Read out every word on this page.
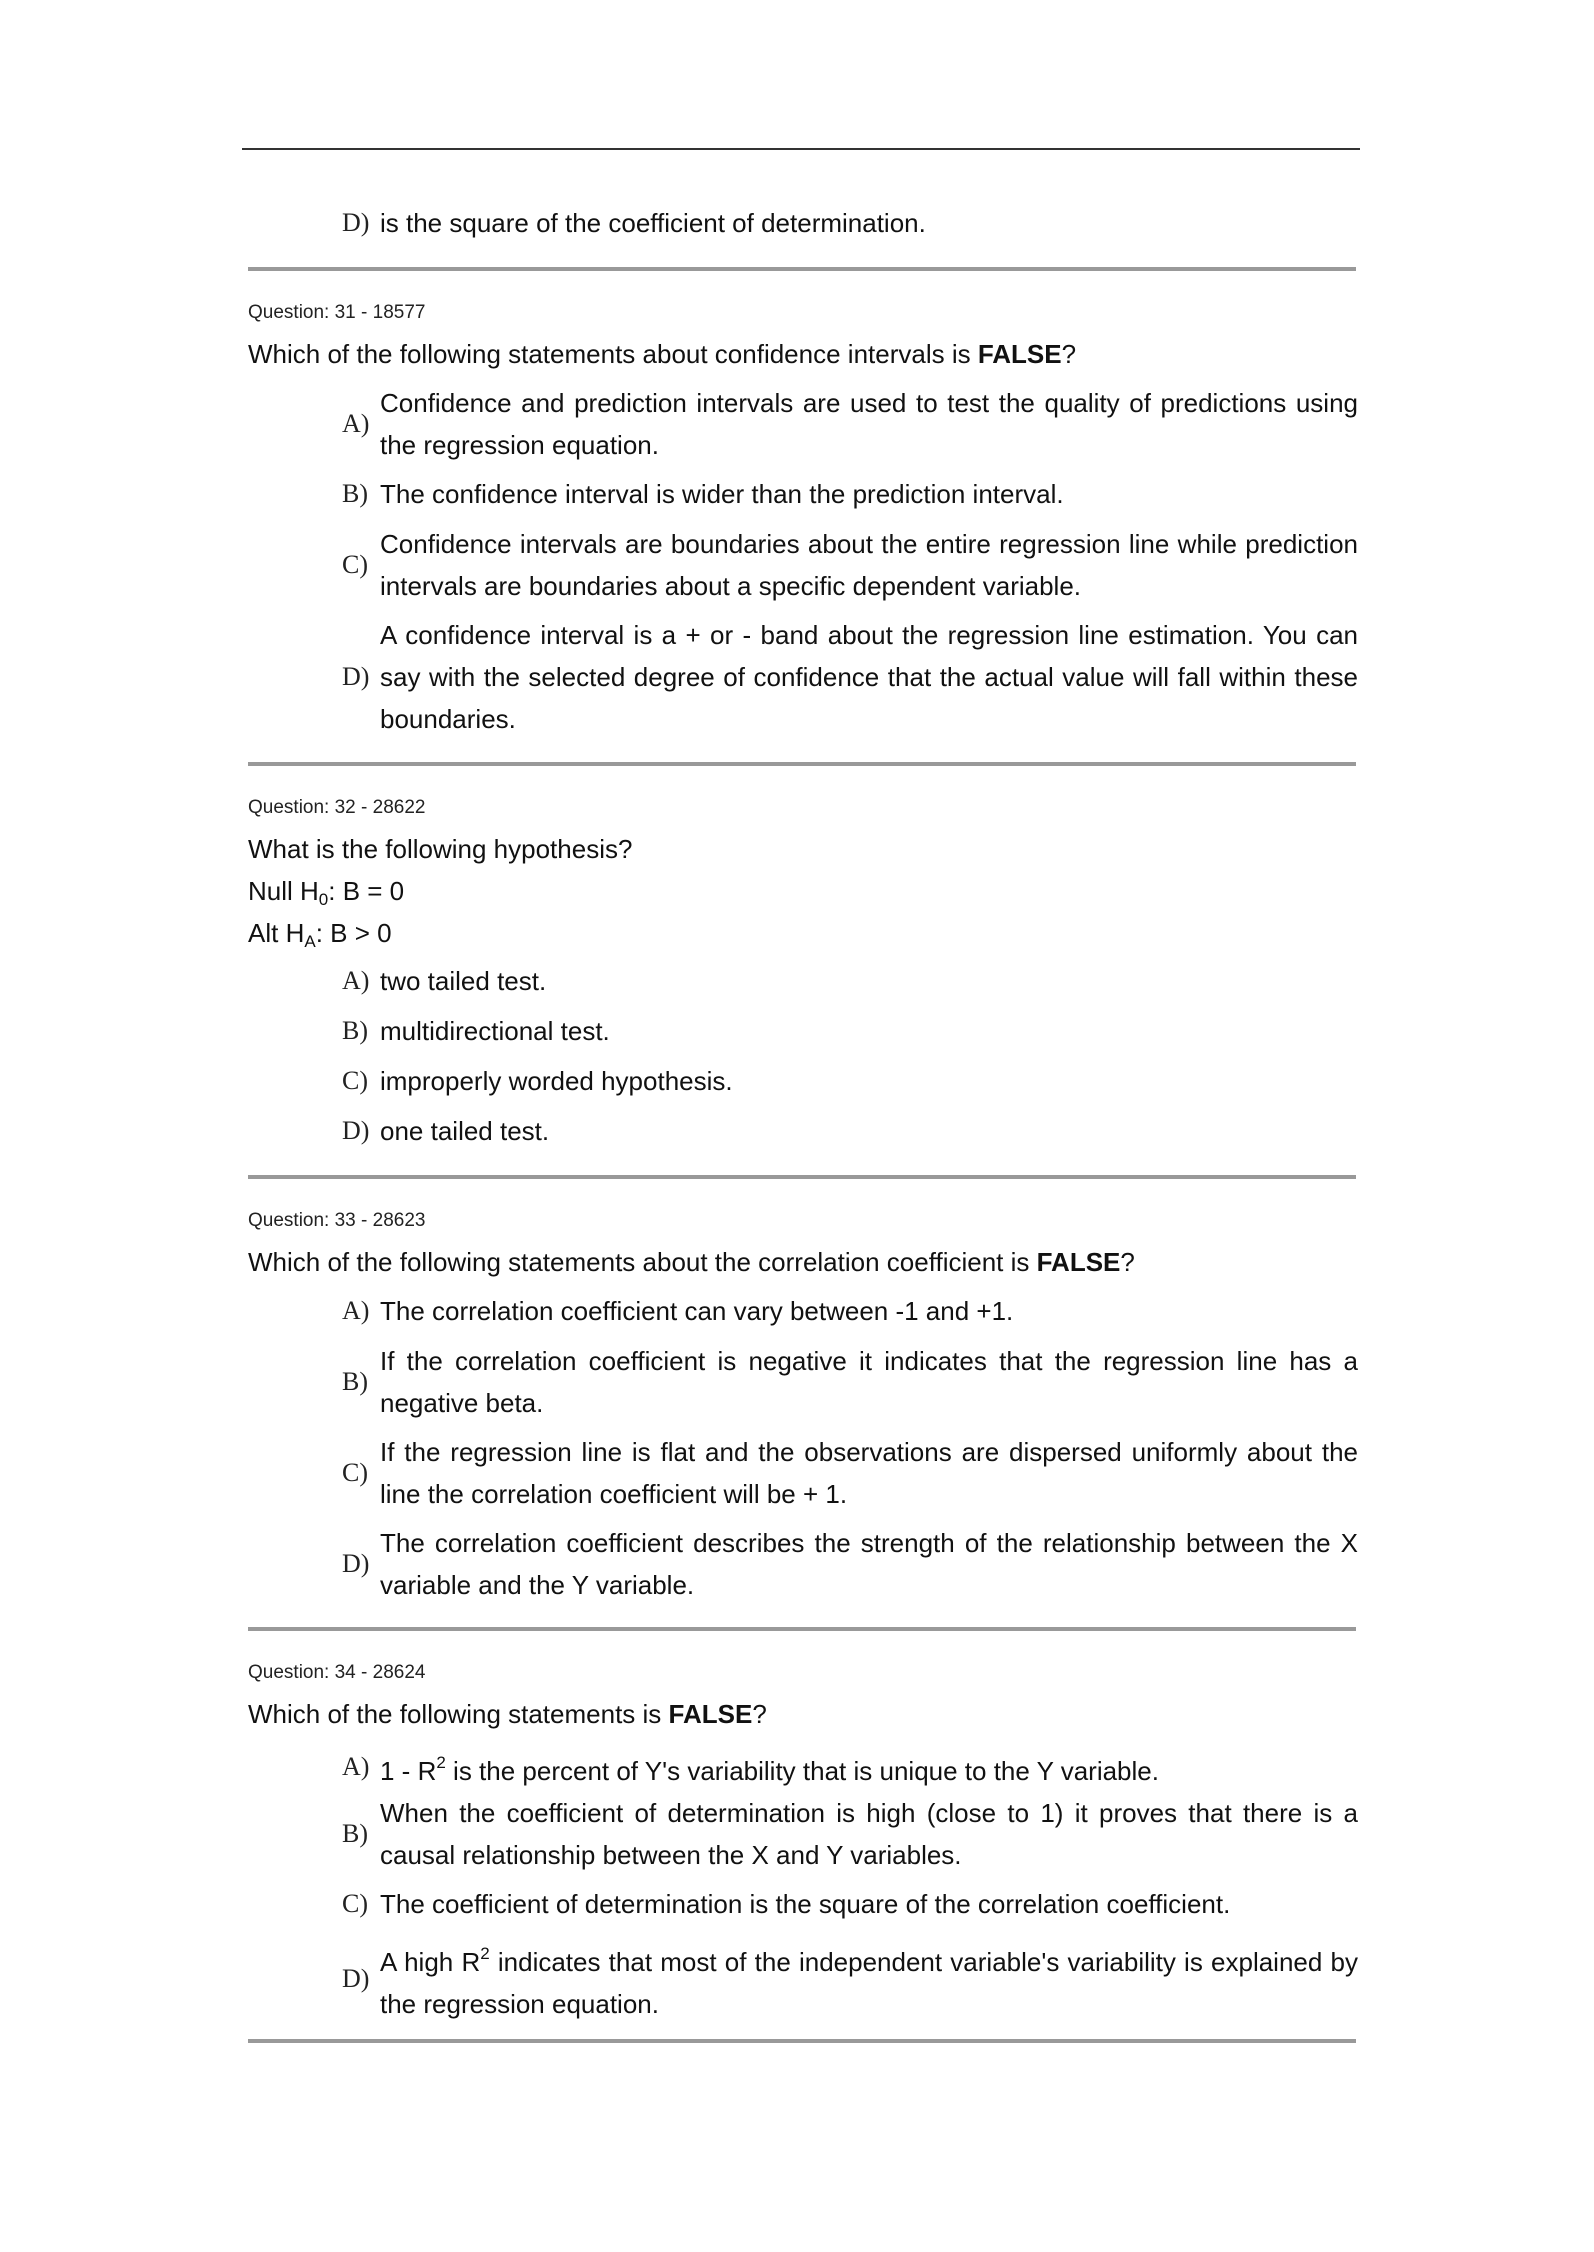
D) is the square of the coefficient of determination.
Question: 31 - 18577
Which of the following statements about confidence intervals is FALSE?
A)
Confidence and prediction intervals are used to test the quality of predictions using the regression equation.
B) The confidence interval is wider than the prediction interval.
C)
Confidence intervals are boundaries about the entire regression line while prediction intervals are boundaries about a specific dependent variable.
D)
A confidence interval is a + or - band about the regression line estimation. You can say with the selected degree of confidence that the actual value will fall within these boundaries.
Question: 32 - 28622
What is the following hypothesis?
Null $H_0$: B = 0
Alt $H_A$: B > 0
A) two tailed test.
B) multidirectional test.
C) improperly worded hypothesis.
D) one tailed test.
Question: 33 - 28623
Which of the following statements about the correlation coefficient is FALSE?
A) The correlation coefficient can vary between -1 and +1.
B)
If the correlation coefficient is negative it indicates that the regression line has a negative beta.
C)
If the regression line is flat and the observations are dispersed uniformly about the line the correlation coefficient will be + 1.
D)
The correlation coefficient describes the strength of the relationship between the X variable and the Y variable.
Question: 34 - 28624
Which of the following statements is FALSE?
A) $1 - R^2$ is the percent of Y's variability that is unique to the Y variable.
B)
When the coefficient of determination is high (close to 1) it proves that there is a causal relationship between the X and Y variables.
C) The coefficient of determination is the square of the correlation coefficient.
D)
A high $R^2$ indicates that most of the independent variable's variability is explained by the regression equation.
